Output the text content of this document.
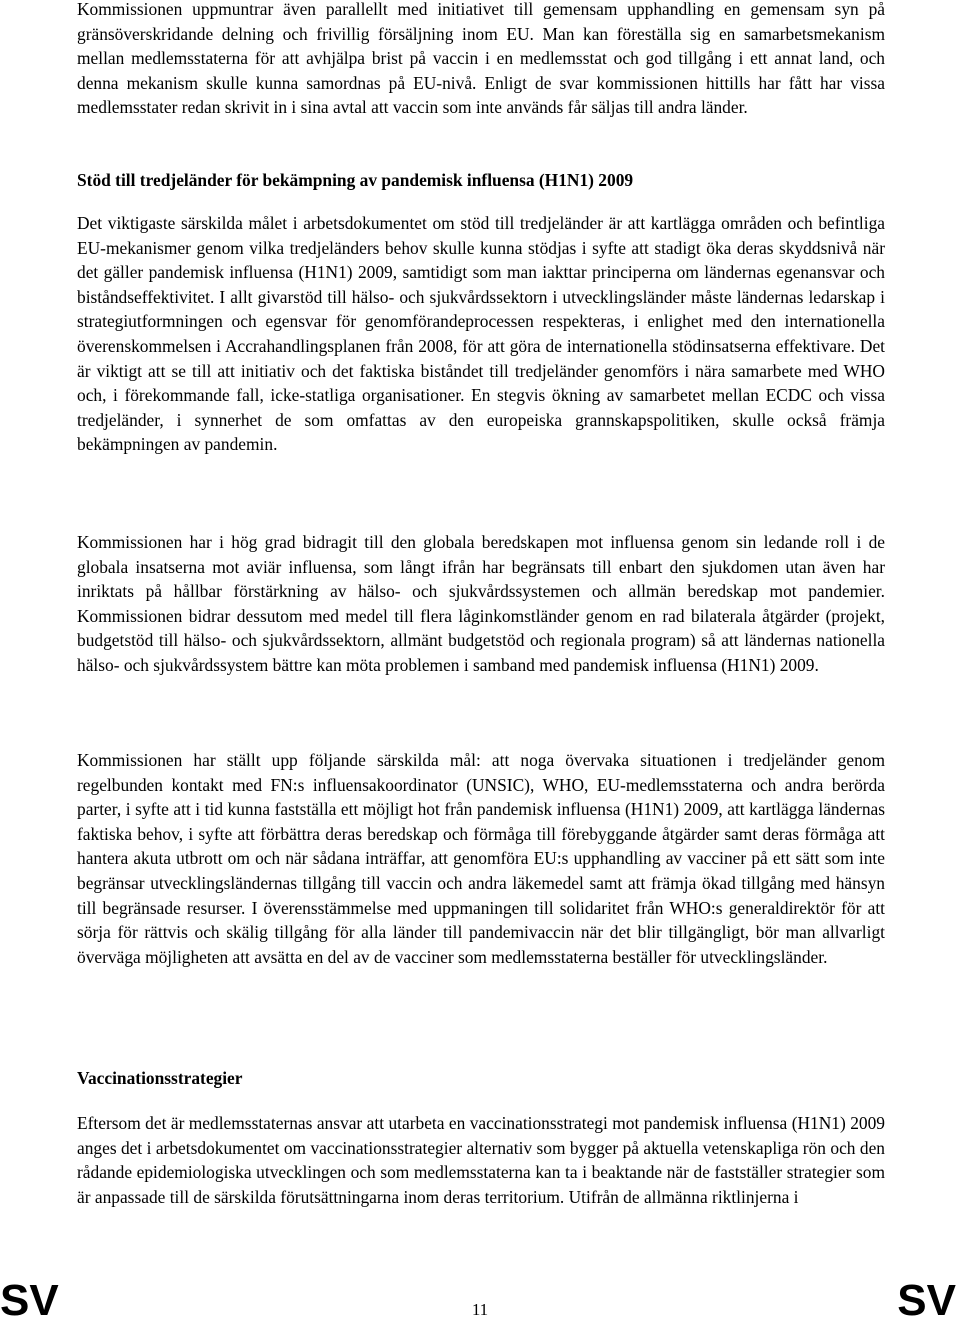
Kommissionen uppmuntrar även parallellt med initiativet till gemensam upphandling en gemensam syn på gränsöverskridande delning och frivillig försäljning inom EU. Man kan föreställa sig en samarbetsmekanism mellan medlemsstaterna för att avhjälpa brist på vaccin i en medlemsstat och god tillgång i ett annat land, och denna mekanism skulle kunna samordnas på EU-nivå. Enligt de svar kommissionen hittills har fått har vissa medlemsstater redan skrivit in i sina avtal att vaccin som inte används får säljas till andra länder.

Stöd till tredjeländer för bekämpning av pandemisk influensa (H1N1) 2009

Det viktigaste särskilda målet i arbetsdokumentet om stöd till tredjeländer är att kartlägga områden och befintliga EU-mekanismer genom vilka tredjeländers behov skulle kunna stödjas i syfte att stadigt öka deras skyddsnivå när det gäller pandemisk influensa (H1N1) 2009, samtidigt som man iakttar principerna om ländernas egenansvar och biståndseffektivitet. I allt givarstöd till hälso- och sjukvårdssektorn i utvecklingsländer måste ländernas ledarskap i strategiutformningen och egensvar för genomförandeprocessen respekteras, i enlighet med den internationella överenskommelsen i Accrahandlingsplanen från 2008, för att göra de internationella stödinsatserna effektivare. Det är viktigt att se till att initiativ och det faktiska biståndet till tredjeländer genomförs i nära samarbete med WHO och, i förekommande fall, icke-statliga organisationer. En stegvis ökning av samarbetet mellan ECDC och vissa tredjeländer, i synnerhet de som omfattas av den europeiska grannskapspolitiken, skulle också främja bekämpningen av pandemin.

Kommissionen har i hög grad bidragit till den globala beredskapen mot influensa genom sin ledande roll i de globala insatserna mot aviär influensa, som långt ifrån har begränsats till enbart den sjukdomen utan även har inriktats på hållbar förstärkning av hälso- och sjukvårdssystemen och allmän beredskap mot pandemier. Kommissionen bidrar dessutom med medel till flera låginkomstländer genom en rad bilaterala åtgärder (projekt, budgetstöd till hälso- och sjukvårdssektorn, allmänt budgetstöd och regionala program) så att ländernas nationella hälso- och sjukvårdssystem bättre kan möta problemen i samband med pandemisk influensa (H1N1) 2009.

Kommissionen har ställt upp följande särskilda mål: att noga övervaka situationen i tredjeländer genom regelbunden kontakt med FN:s influensakoordinator (UNSIC), WHO, EU-medlemsstaterna och andra berörda parter, i syfte att i tid kunna fastställa ett möjligt hot från pandemisk influensa (H1N1) 2009, att kartlägga ländernas faktiska behov, i syfte att förbättra deras beredskap och förmåga till förebyggande åtgärder samt deras förmåga att hantera akuta utbrott om och när sådana inträffar, att genomföra EU:s upphandling av vacciner på ett sätt som inte begränsar utvecklingsländernas tillgång till vaccin och andra läkemedel samt att främja ökad tillgång med hänsyn till begränsade resurser. I överensstämmelse med uppmaningen till solidaritet från WHO:s generaldirektör för att sörja för rättvis och skälig tillgång för alla länder till pandemivaccin när det blir tillgängligt, bör man allvarligt överväga möjligheten att avsätta en del av de vacciner som medlemsstaterna beställer för utvecklingsländer.

Vaccinationsstrategier

Eftersom det är medlemsstaternas ansvar att utarbeta en vaccinationsstrategi mot pandemisk influensa (H1N1) 2009 anges det i arbetsdokumentet om vaccinationsstrategier alternativ som bygger på aktuella vetenskapliga rön och den rådande epidemiologiska utvecklingen och som medlemsstaterna kan ta i beaktande när de fastställer strategier som är anpassade till de särskilda förutsättningarna inom deras territorium. Utifrån de allmänna riktlinjerna i

SV	11	SV
